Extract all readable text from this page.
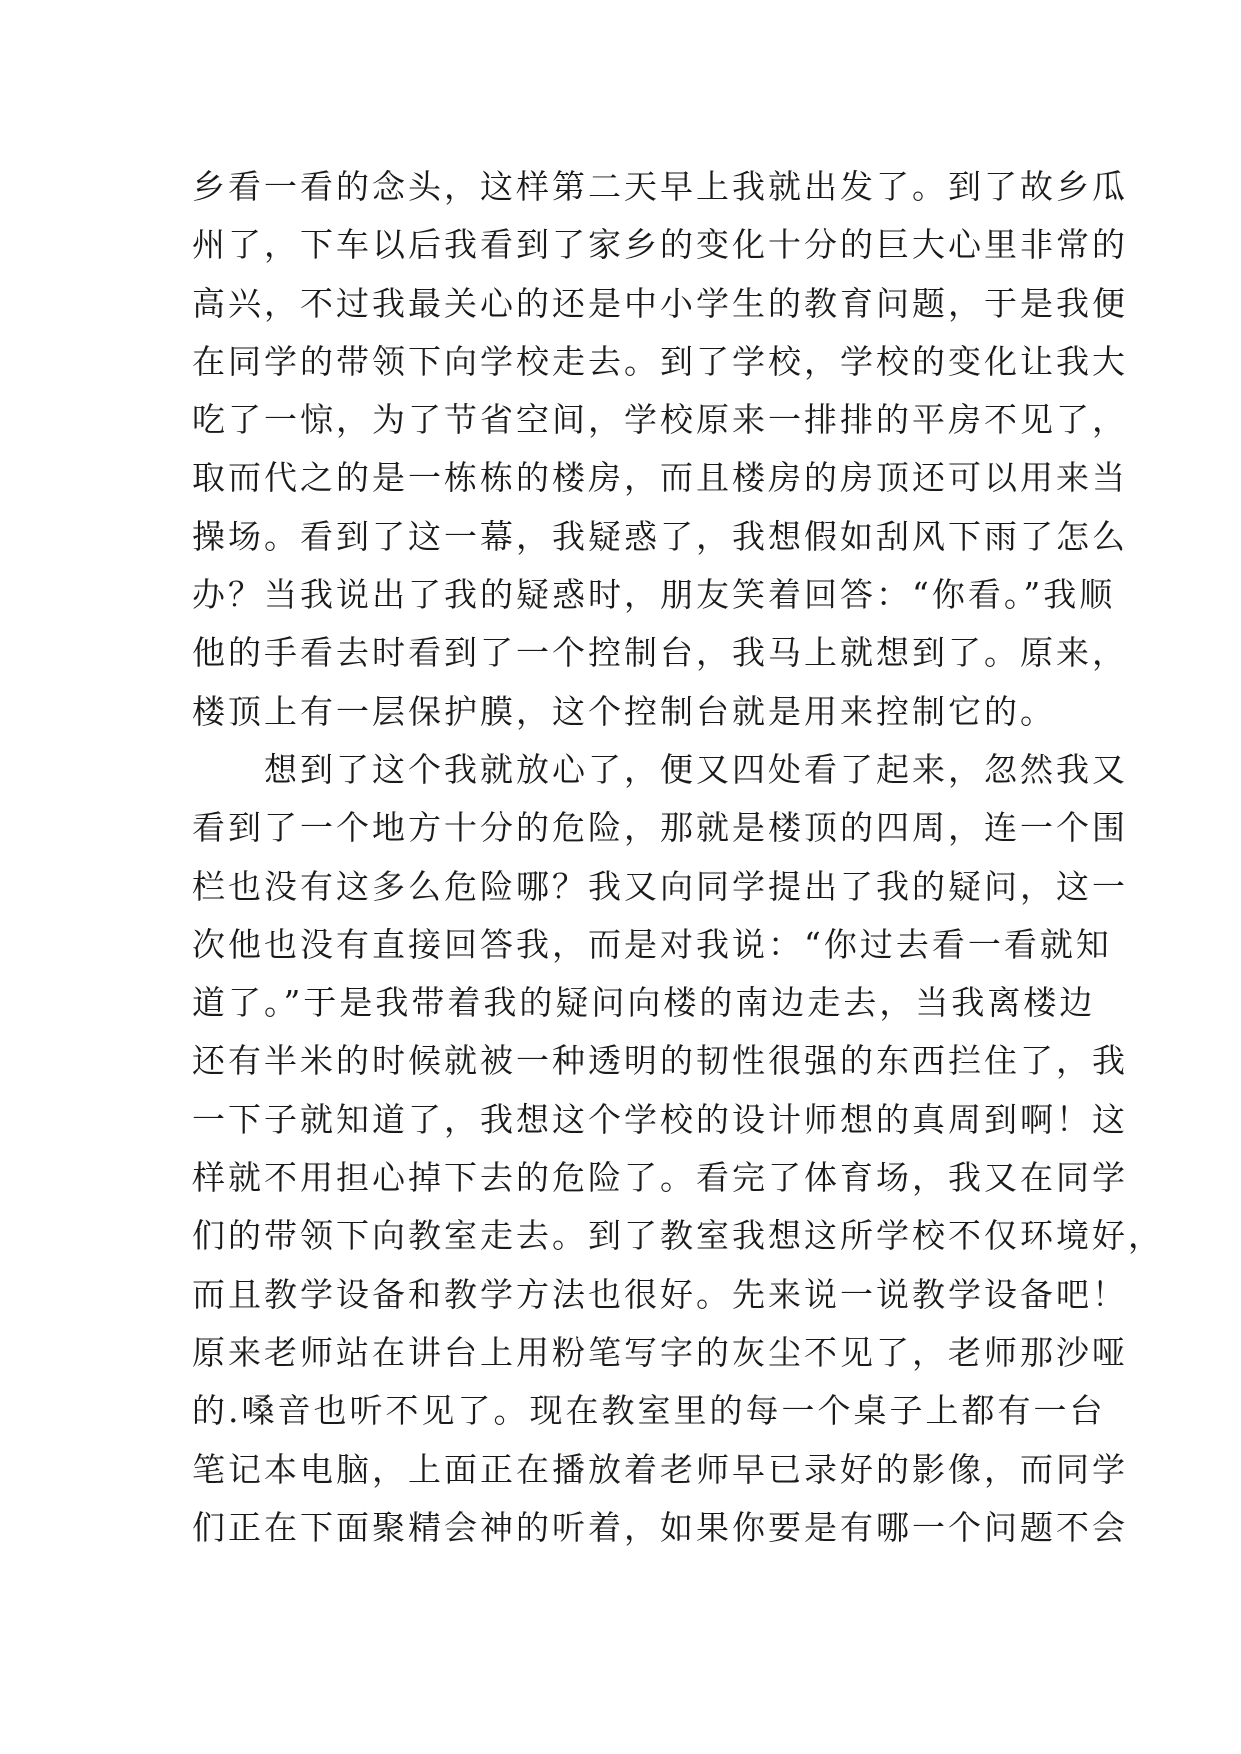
乡看一看的念头，这样第二天早上我就出发了。到了故乡瓜
州了，下车以后我看到了家乡的变化十分的巨大心里非常的
高兴，不过我最关心的还是中小学生的教育问题，于是我便
在同学的带领下向学校走去。到了学校，学校的变化让我大
吃了一惊，为了节省空间，学校原来一排排的平房不见了，
取而代之的是一栋栋的楼房，而且楼房的房顶还可以用来当
操场。看到了这一幕，我疑惑了，我想假如刮风下雨了怎么
办？当我说出了我的疑惑时，朋友笑着回答：“你看。”我顺
他的手看去时看到了一个控制台，我马上就想到了。原来，
楼顶上有一层保护膜，这个控制台就是用来控制它的。
　　想到了这个我就放心了，便又四处看了起来，忽然我又
看到了一个地方十分的危险，那就是楼顶的四周，连一个围
栏也没有这多么危险哪？我又向同学提出了我的疑问，这一
次他也没有直接回答我，而是对我说：“你过去看一看就知
道了。”于是我带着我的疑问向楼的南边走去，当我离楼边
还有半米的时候就被一种透明的韧性很强的东西拦住了，我
一下子就知道了，我想这个学校的设计师想的真周到啊！这
样就不用担心掉下去的危险了。看完了体育场，我又在同学
们的带领下向教室走去。到了教室我想这所学校不仅环境好，
而且教学设备和教学方法也很好。先来说一说教学设备吧！
原来老师站在讲台上用粉笔写字的灰尘不见了，老师那沙哑
的.嗓音也听不见了。现在教室里的每一个桌子上都有一台
笔记本电脑，上面正在播放着老师早已录好的影像，而同学
们正在下面聚精会神的听着，如果你要是有哪一个问题不会
